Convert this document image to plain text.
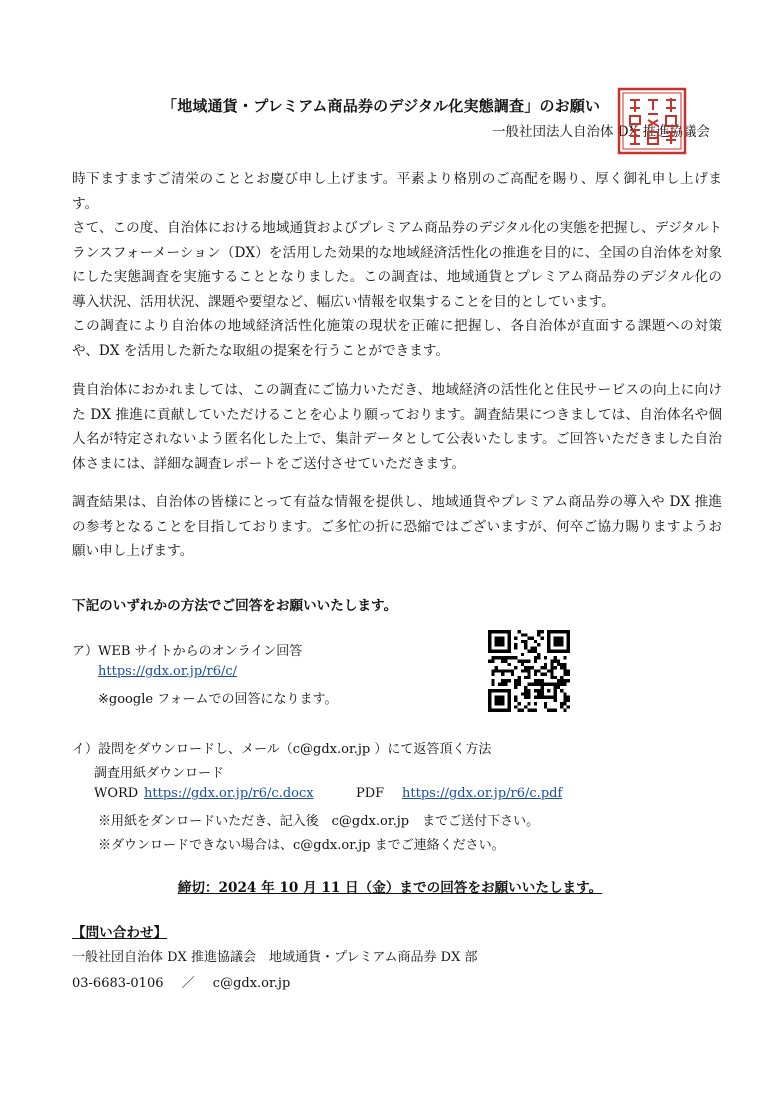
「地域通貨・プレミアム商品券のデジタル化実態調査」のお願い
一般社団法人自治体 DX 推進協議会

時下ますますご清栄のこととお慶び申し上げます。平素より格別のご高配を賜り、厚く御礼申し上げます。

さて、この度、自治体における地域通貨およびプレミアム商品券のデジタル化の実態を把握し、デジタルトランスフォーメーション（DX）を活用した効果的な地域経済活性化の推進を目的に、全国の自治体を対象にした実態調査を実施することとなりました。この調査は、地域通貨とプレミアム商品券のデジタル化の導入状況、活用状況、課題や要望など、幅広い情報を収集することを目的としています。

この調査により自治体の地域経済活性化施策の現状を正確に把握し、各自治体が直面する課題への対策や、DX を活用した新たな取組の提案を行うことができます。

貴自治体におかれましては、この調査にご協力いただき、地域経済の活性化と住民サービスの向上に向けた DX 推進に貢献していただけることを心より願っております。調査結果につきましては、自治体名や個人名が特定されないよう匿名化した上で、集計データとして公表いたします。ご回答いただきました自治体さまには、詳細な調査レポートをご送付させていただきます。

調査結果は、自治体の皆様にとって有益な情報を提供し、地域通貨やプレミアム商品券の導入や DX 推進の参考となることを目指しております。ご多忙の折に恐縮ではございますが、何卒ご協力賜りますようお願い申し上げます。

下記のいずれかの方法でご回答をお願いいたします。
ア）WEB サイトからのオンライン回答
https://gdx.or.jp/r6/c/
※google フォームでの回答になります。
イ）設問をダウンロードし、メール（c@gdx.or.jp ）にて返答頂く方法
調査用紙ダウンロード
WORD https://gdx.or.jp/r6/c.docx	PDF https://gdx.or.jp/r6/c.pdf
※用紙をダンロードいただき、記入後　c@gdx.or.jp　までご送付下さい。
※ダウンロードできない場合は、c@gdx.or.jp までご連絡ください。
締切：2024 年 10 月 11 日（金）までの回答をお願いいたします。
【問い合わせ】
一般社団自治体 DX 推進協議会　地域通貨・プレミアム商品券 DX 部
03-6683-0106 ／ c@gdx.or.jp
